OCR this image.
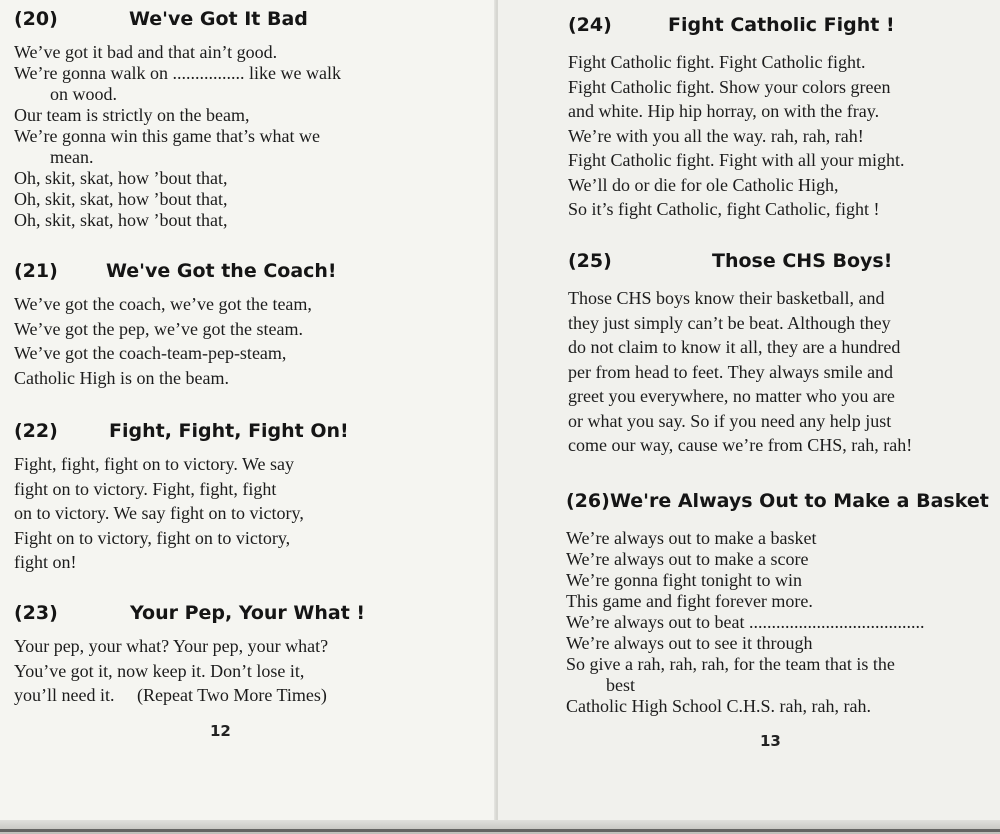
(20)	We've Got It Bad
We’ve got it bad and that ain’t good.
We’re gonna walk on ................ like we walk
on wood.
Our team is strictly on the beam,
We’re gonna win this game that’s what we
mean.
Oh, skit, skat, how ’bout that,
Oh, skit, skat, how ’bout that,
Oh, skit, skat, how ’bout that,
(21)	We've Got the Coach!
We’ve got the coach, we’ve got the team,
We’ve got the pep, we’ve got the steam.
We’ve got the coach-team-pep-steam,
Catholic High is on the beam.
(22)	Fight, Fight, Fight On!
Fight, fight, fight on to victory. We say
fight on to victory. Fight, fight, fight
on to victory. We say fight on to victory,
Fight on to victory, fight on to victory,
fight on!
(23)	Your Pep, Your What !
Your pep, your what? Your pep, your what?
You’ve got it, now keep it. Don’t lose it,
you’ll need it.     (Repeat Two More Times)
12
(24)	Fight Catholic Fight !
Fight Catholic fight. Fight Catholic fight.
Fight Catholic fight. Show your colors green
and white. Hip hip horray, on with the fray.
We’re with you all the way. rah, rah, rah!
Fight Catholic fight. Fight with all your might.
We’ll do or die for ole Catholic High,
So it’s fight Catholic, fight Catholic, fight !
(25)	Those CHS Boys!
Those CHS boys know their basketball, and
they just simply can’t be beat. Although they
do not claim to know it all, they are a hundred
per from head to feet. They always smile and
greet you everywhere, no matter who you are
or what you say. So if you need any help just
come our way, cause we’re from CHS, rah, rah!
(26) We're Always Out to Make a Basket
We’re always out to make a basket
We’re always out to make a score
We’re gonna fight tonight to win
This game and fight forever more.
We’re always out to beat .......................................
We’re always out to see it through
So give a rah, rah, rah, for the team that is the
best
Catholic High School C.H.S. rah, rah, rah.
13
